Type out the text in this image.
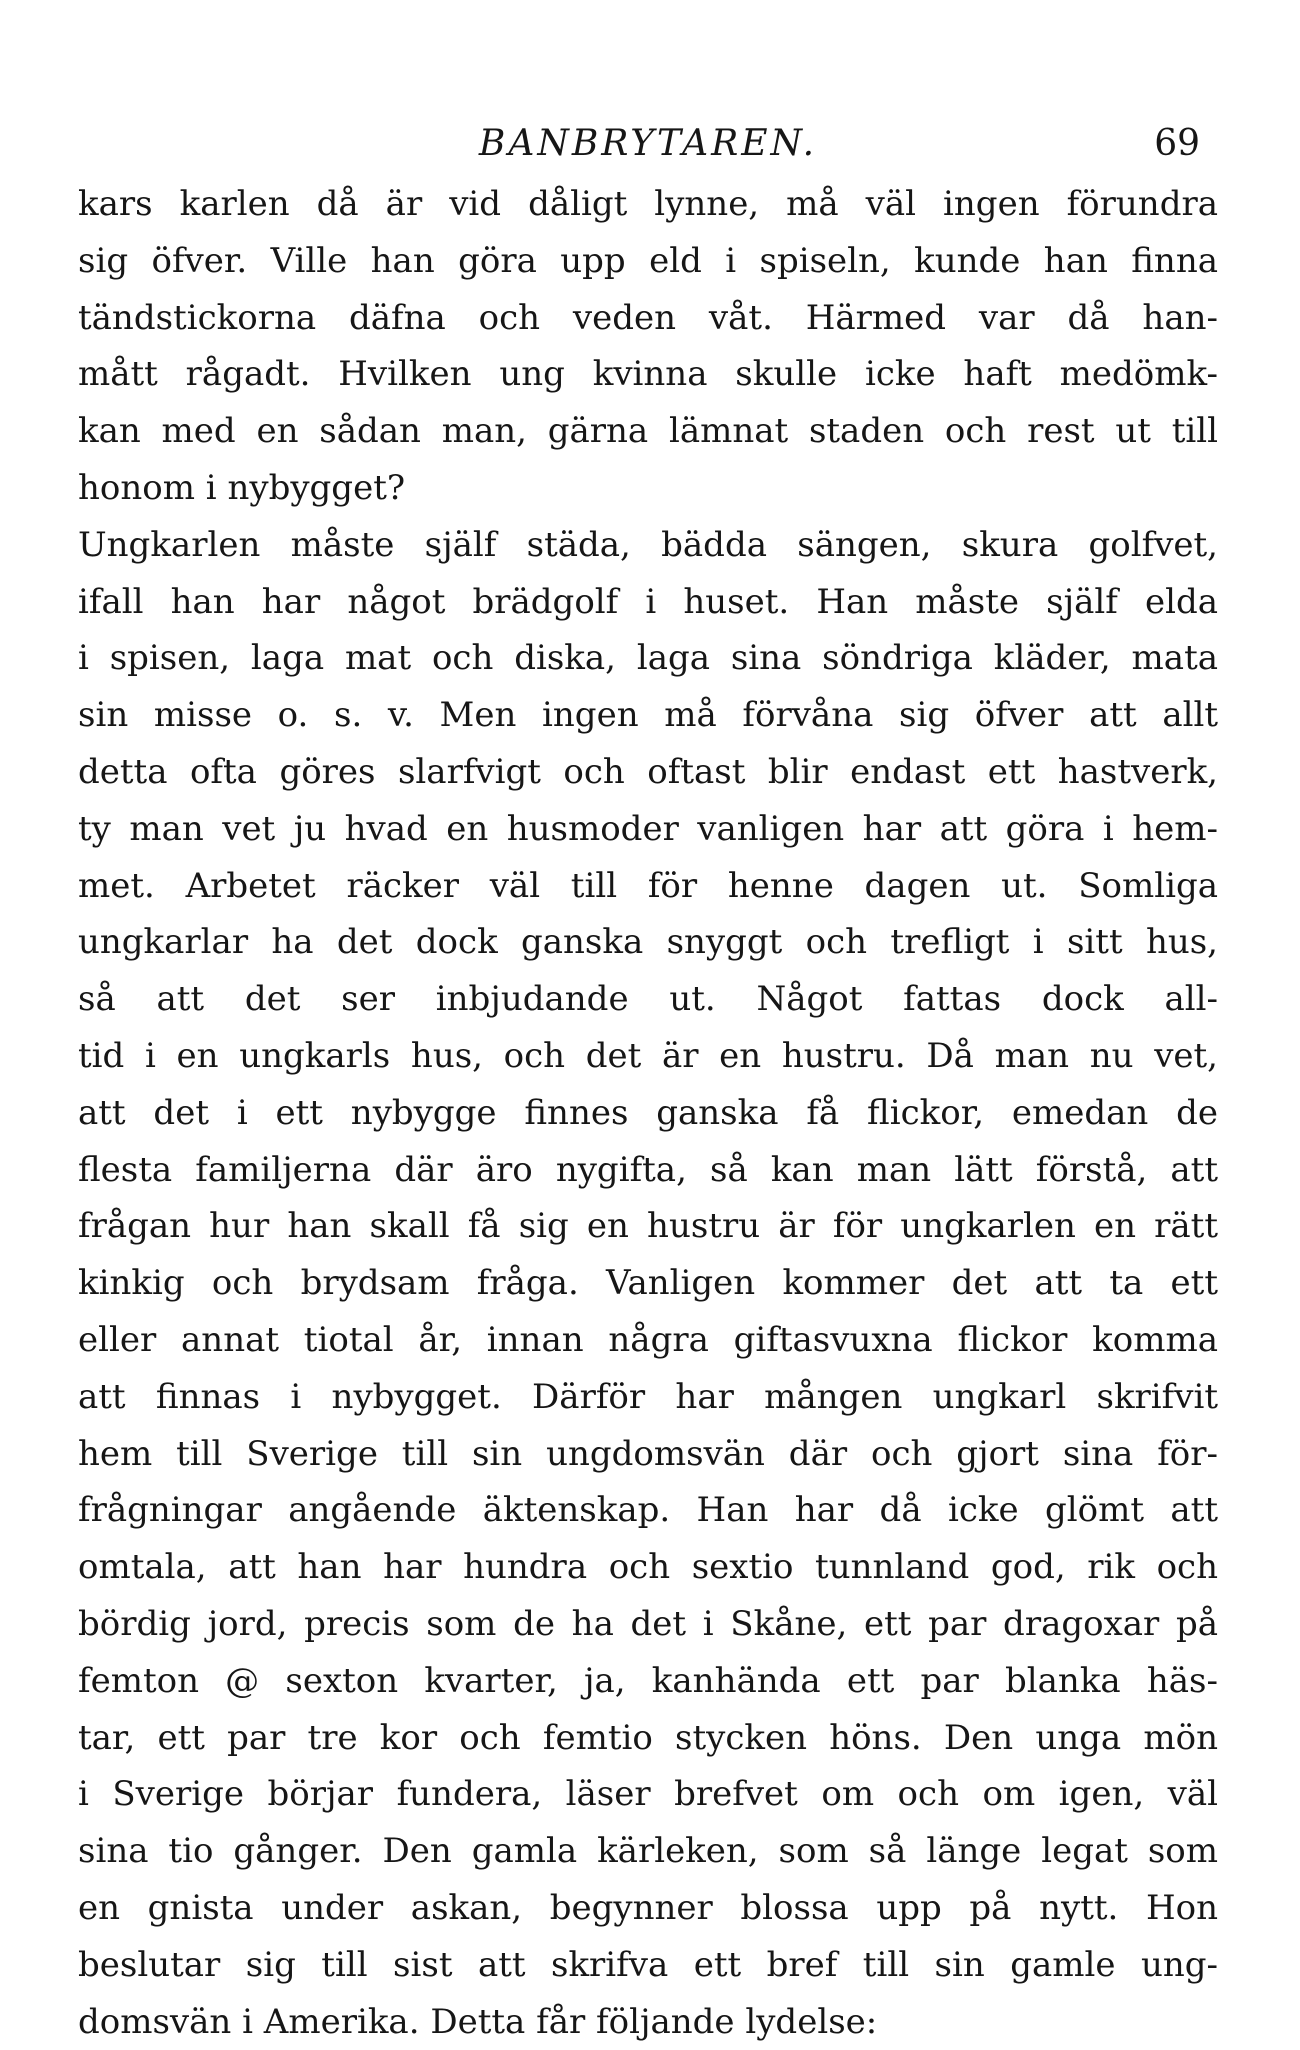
BANBRYTAREN.	69
kars karlen då är vid dåligt lynne, må väl ingen förundra
sig öfver. Ville han göra upp eld i spiseln, kunde han finna
tändstickorna däfna och veden våt. Härmed var då han-
mått rågadt. Hvilken ung kvinna skulle icke haft medömk-
kan med en sådan man, gärna lämnat staden och rest ut till
honom i nybygget?
Ungkarlen måste själf städa, bädda sängen, skura golfvet,
ifall han har något brädgolf i huset. Han måste själf elda
i spisen, laga mat och diska, laga sina söndriga kläder, mata
sin misse o. s. v. Men ingen må förvåna sig öfver att allt
detta ofta göres slarfvigt och oftast blir endast ett hastverk,
ty man vet ju hvad en husmoder vanligen har att göra i hem-
met. Arbetet räcker väl till för henne dagen ut. Somliga
ungkarlar ha det dock ganska snyggt och trefligt i sitt hus,
så att det ser inbjudande ut. Något fattas dock all-
tid i en ungkarls hus, och det är en hustru. Då man nu vet,
att det i ett nybygge finnes ganska få flickor, emedan de
flesta familjerna där äro nygifta, så kan man lätt förstå, att
frågan hur han skall få sig en hustru är för ungkarlen en rätt
kinkig och brydsam fråga. Vanligen kommer det att ta ett
eller annat tiotal år, innan några giftasvuxna flickor komma
att finnas i nybygget. Därför har mången ungkarl skrifvit
hem till Sverige till sin ungdomsvän där och gjort sina för-
frågningar angående äktenskap. Han har då icke glömt att
omtala, att han har hundra och sextio tunnland god, rik och
bördig jord, precis som de ha det i Skåne, ett par dragoxar på
femton @ sexton kvarter, ja, kanhända ett par blanka häs-
tar, ett par tre kor och femtio stycken höns. Den unga mön
i Sverige börjar fundera, läser brefvet om och om igen, väl
sina tio gånger. Den gamla kärleken, som så länge legat som
en gnista under askan, begynner blossa upp på nytt. Hon
beslutar sig till sist att skrifva ett bref till sin gamle ung-
domsvän i Amerika. Detta får följande lydelse:
